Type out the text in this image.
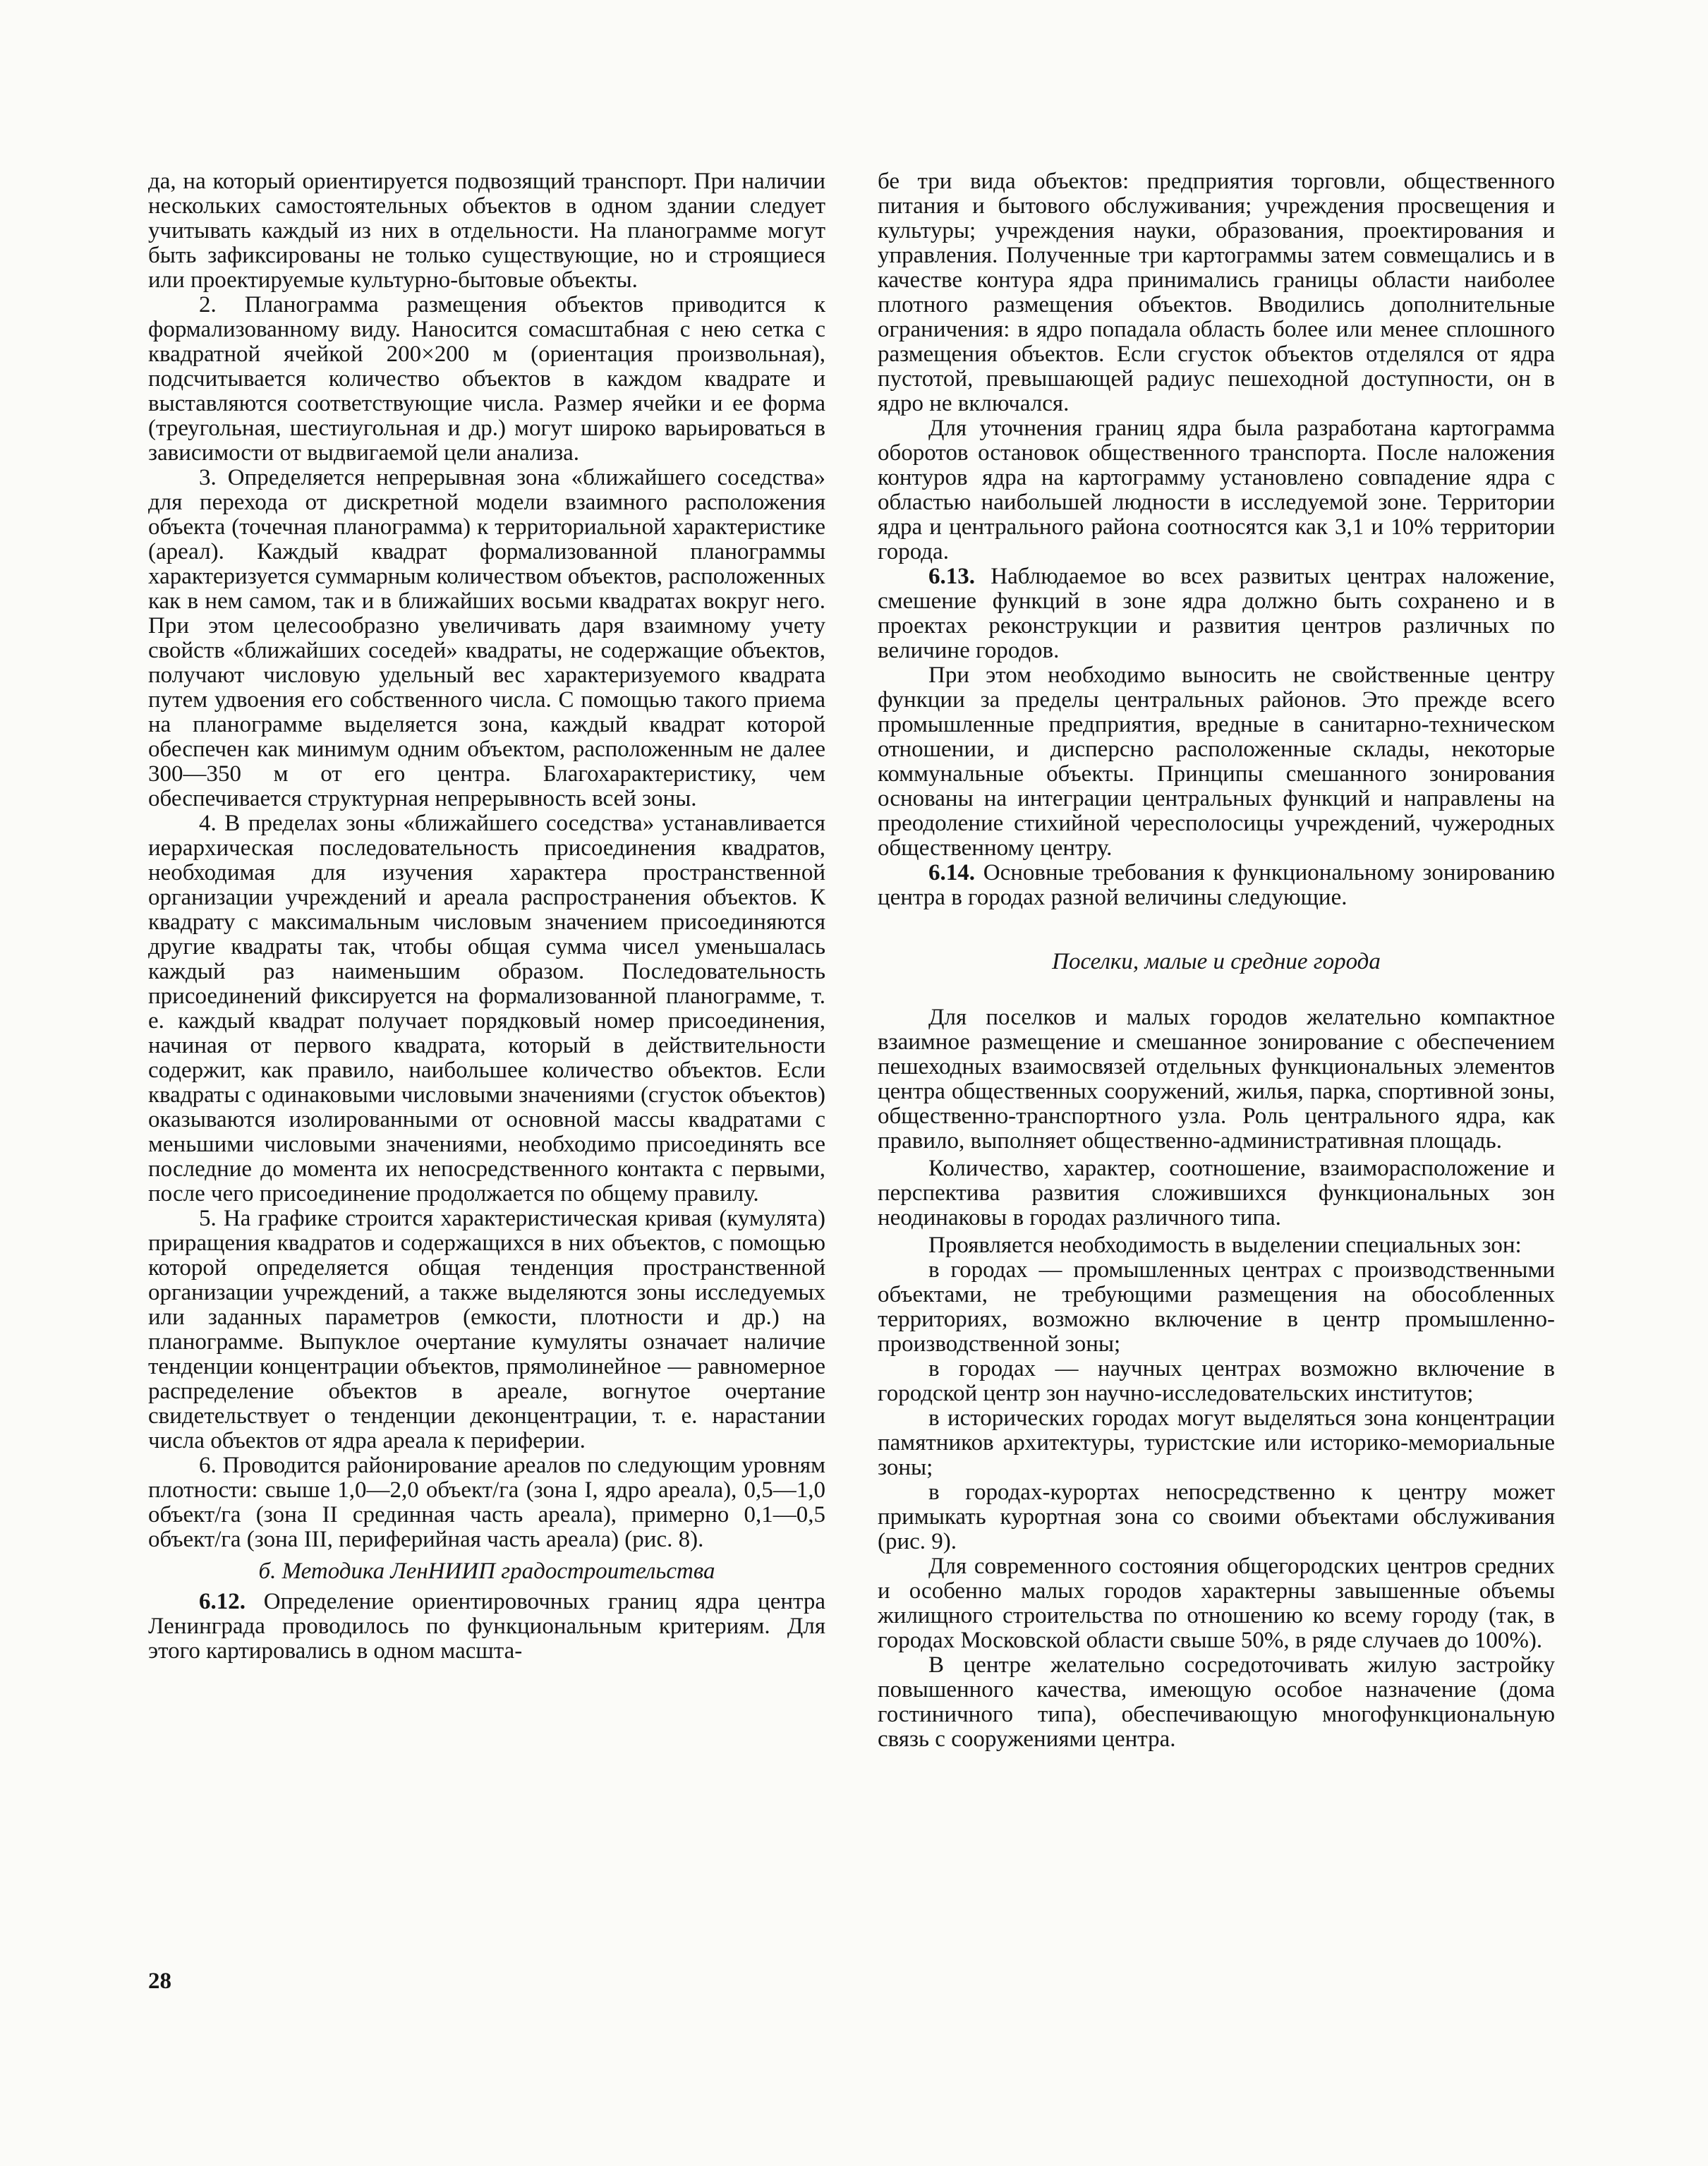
да, на который ориентируется подвозящий транспорт. При наличии нескольких самостоятельных объектов в одном здании следует учитывать каждый из них в отдельности. На планограмме могут быть зафиксированы не только существующие, но и строящиеся или проектируемые культурно-бытовые объекты.

2. Планограмма размещения объектов приводится к формализованному виду. Наносится сомасштабная с нею сетка с квадратной ячейкой 200×200 м (ориентация произвольная), подсчитывается количество объектов в каждом квадрате и выставляются соответствующие числа. Размер ячейки и ее форма (треугольная, шестиугольная и др.) могут широко варьироваться в зависимости от выдвигаемой цели анализа.

3. Определяется непрерывная зона «ближайшего соседства» для перехода от дискретной модели взаимного расположения объекта (точечная планограмма) к территориальной характеристике (ареал). Каждый квадрат формализованной планограммы характеризуется суммарным количеством объектов, расположенных как в нем самом, так и в ближайших восьми квадратах вокруг него. При этом целесообразно увеличивать даря взаимному учету свойств «ближайших соседей» квадраты, не содержащие объектов, получают числовую удельный вес характеризуемого квадрата путем удвоения его собственного числа. С помощью такого приема на планограмме выделяется зона, каждый квадрат которой обеспечен как минимум одним объектом, расположенным не далее 300—350 м от его центра. Благохарактеристику, чем обеспечивается структурная непрерывность всей зоны.

4. В пределах зоны «ближайшего соседства» устанавливается иерархическая последовательность присоединения квадратов, необходимая для изучения характера пространственной организации учреждений и ареала распространения объектов. К квадрату с максимальным числовым значением присоединяются другие квадраты так, чтобы общая сумма чисел уменьшалась каждый раз наименьшим образом. Последовательность присоединений фиксируется на формализованной планограмме, т. е. каждый квадрат получает порядковый номер присоединения, начиная от первого квадрата, который в действительности содержит, как правило, наибольшее количество объектов. Если квадраты с одинаковыми числовыми значениями (сгусток объектов) оказываются изолированными от основной массы квадратами с меньшими числовыми значениями, необходимо присоединять все последние до момента их непосредственного контакта с первыми, после чего присоединение продолжается по общему правилу.

5. На графике строится характеристическая кривая (кумулята) приращения квадратов и содержащихся в них объектов, с помощью которой определяется общая тенденция пространственной организации учреждений, а также выделяются зоны исследуемых или заданных параметров (емкости, плотности и др.) на планограмме. Выпуклое очертание кумуляты означает наличие тенденции концентрации объектов, прямолинейное — равномерное распределение объектов в ареале, вогнутое очертание свидетельствует о тенденции деконцентрации, т. е. нарастании числа объектов от ядра ареала к периферии.

6. Проводится районирование ареалов по следующим уровням плотности: свыше 1,0—2,0 объект/га (зона I, ядро ареала), 0,5—1,0 объект/га (зона II срединная часть ареала), примерно 0,1—0,5 объект/га (зона III, периферийная часть ареала) (рис. 8).

б. Методика ЛенНИИП градостроительства

6.12. Определение ориентировочных границ ядра центра Ленинграда проводилось по функциональным критериям. Для этого картировались в одном масшта-

бе три вида объектов: предприятия торговли, общественного питания и бытового обслуживания; учреждения просвещения и культуры; учреждения науки, образования, проектирования и управления. Полученные три картограммы затем совмещались и в качестве контура ядра принимались границы области наиболее плотного размещения объектов. Вводились дополнительные ограничения: в ядро попадала область более или менее сплошного размещения объектов. Если сгусток объектов отделялся от ядра пустотой, превышающей радиус пешеходной доступности, он в ядро не включался.

Для уточнения границ ядра была разработана картограмма оборотов остановок общественного транспорта. После наложения контуров ядра на картограмму установлено совпадение ядра с областью наибольшей людности в исследуемой зоне. Территории ядра и центрального района соотносятся как 3,1 и 10% территории города.

6.13. Наблюдаемое во всех развитых центрах наложение, смешение функций в зоне ядра должно быть сохранено и в проектах реконструкции и развития центров различных по величине городов.

При этом необходимо выносить не свойственные центру функции за пределы центральных районов. Это прежде всего промышленные предприятия, вредные в санитарно-техническом отношении, и дисперсно расположенные склады, некоторые коммунальные объекты. Принципы смешанного зонирования основаны на интеграции центральных функций и направлены на преодоление стихийной чересполосицы учреждений, чужеродных общественному центру.

6.14. Основные требования к функциональному зонированию центра в городах разной величины следующие.

Поселки, малые и средние города

Для поселков и малых городов желательно компактное взаимное размещение и смешанное зонирование с обеспечением пешеходных взаимосвязей отдельных функциональных элементов центра общественных сооружений, жилья, парка, спортивной зоны, общественно-транспортного узла. Роль центрального ядра, как правило, выполняет общественно-административная площадь.

Количество, характер, соотношение, взаиморасположение и перспектива развития сложившихся функциональных зон неодинаковы в городах различного типа.

Проявляется необходимость в выделении специальных зон:

в городах — промышленных центрах с производственными объектами, не требующими размещения на обособленных территориях, возможно включение в центр промышленно-производственной зоны;

в городах — научных центрах возможно включение в городской центр зон научно-исследовательских институтов;

в исторических городах могут выделяться зона концентрации памятников архитектуры, туристские или историко-мемориальные зоны;

в городах-курортах непосредственно к центру может примыкать курортная зона со своими объектами обслуживания (рис. 9).

Для современного состояния общегородских центров средних и особенно малых городов характерны завышенные объемы жилищного строительства по отношению ко всему городу (так, в городах Московской области свыше 50%, в ряде случаев до 100%).

В центре желательно сосредоточивать жилую застройку повышенного качества, имеющую особое назначение (дома гостиничного типа), обеспечивающую многофункциональную связь с сооружениями центра.

28
